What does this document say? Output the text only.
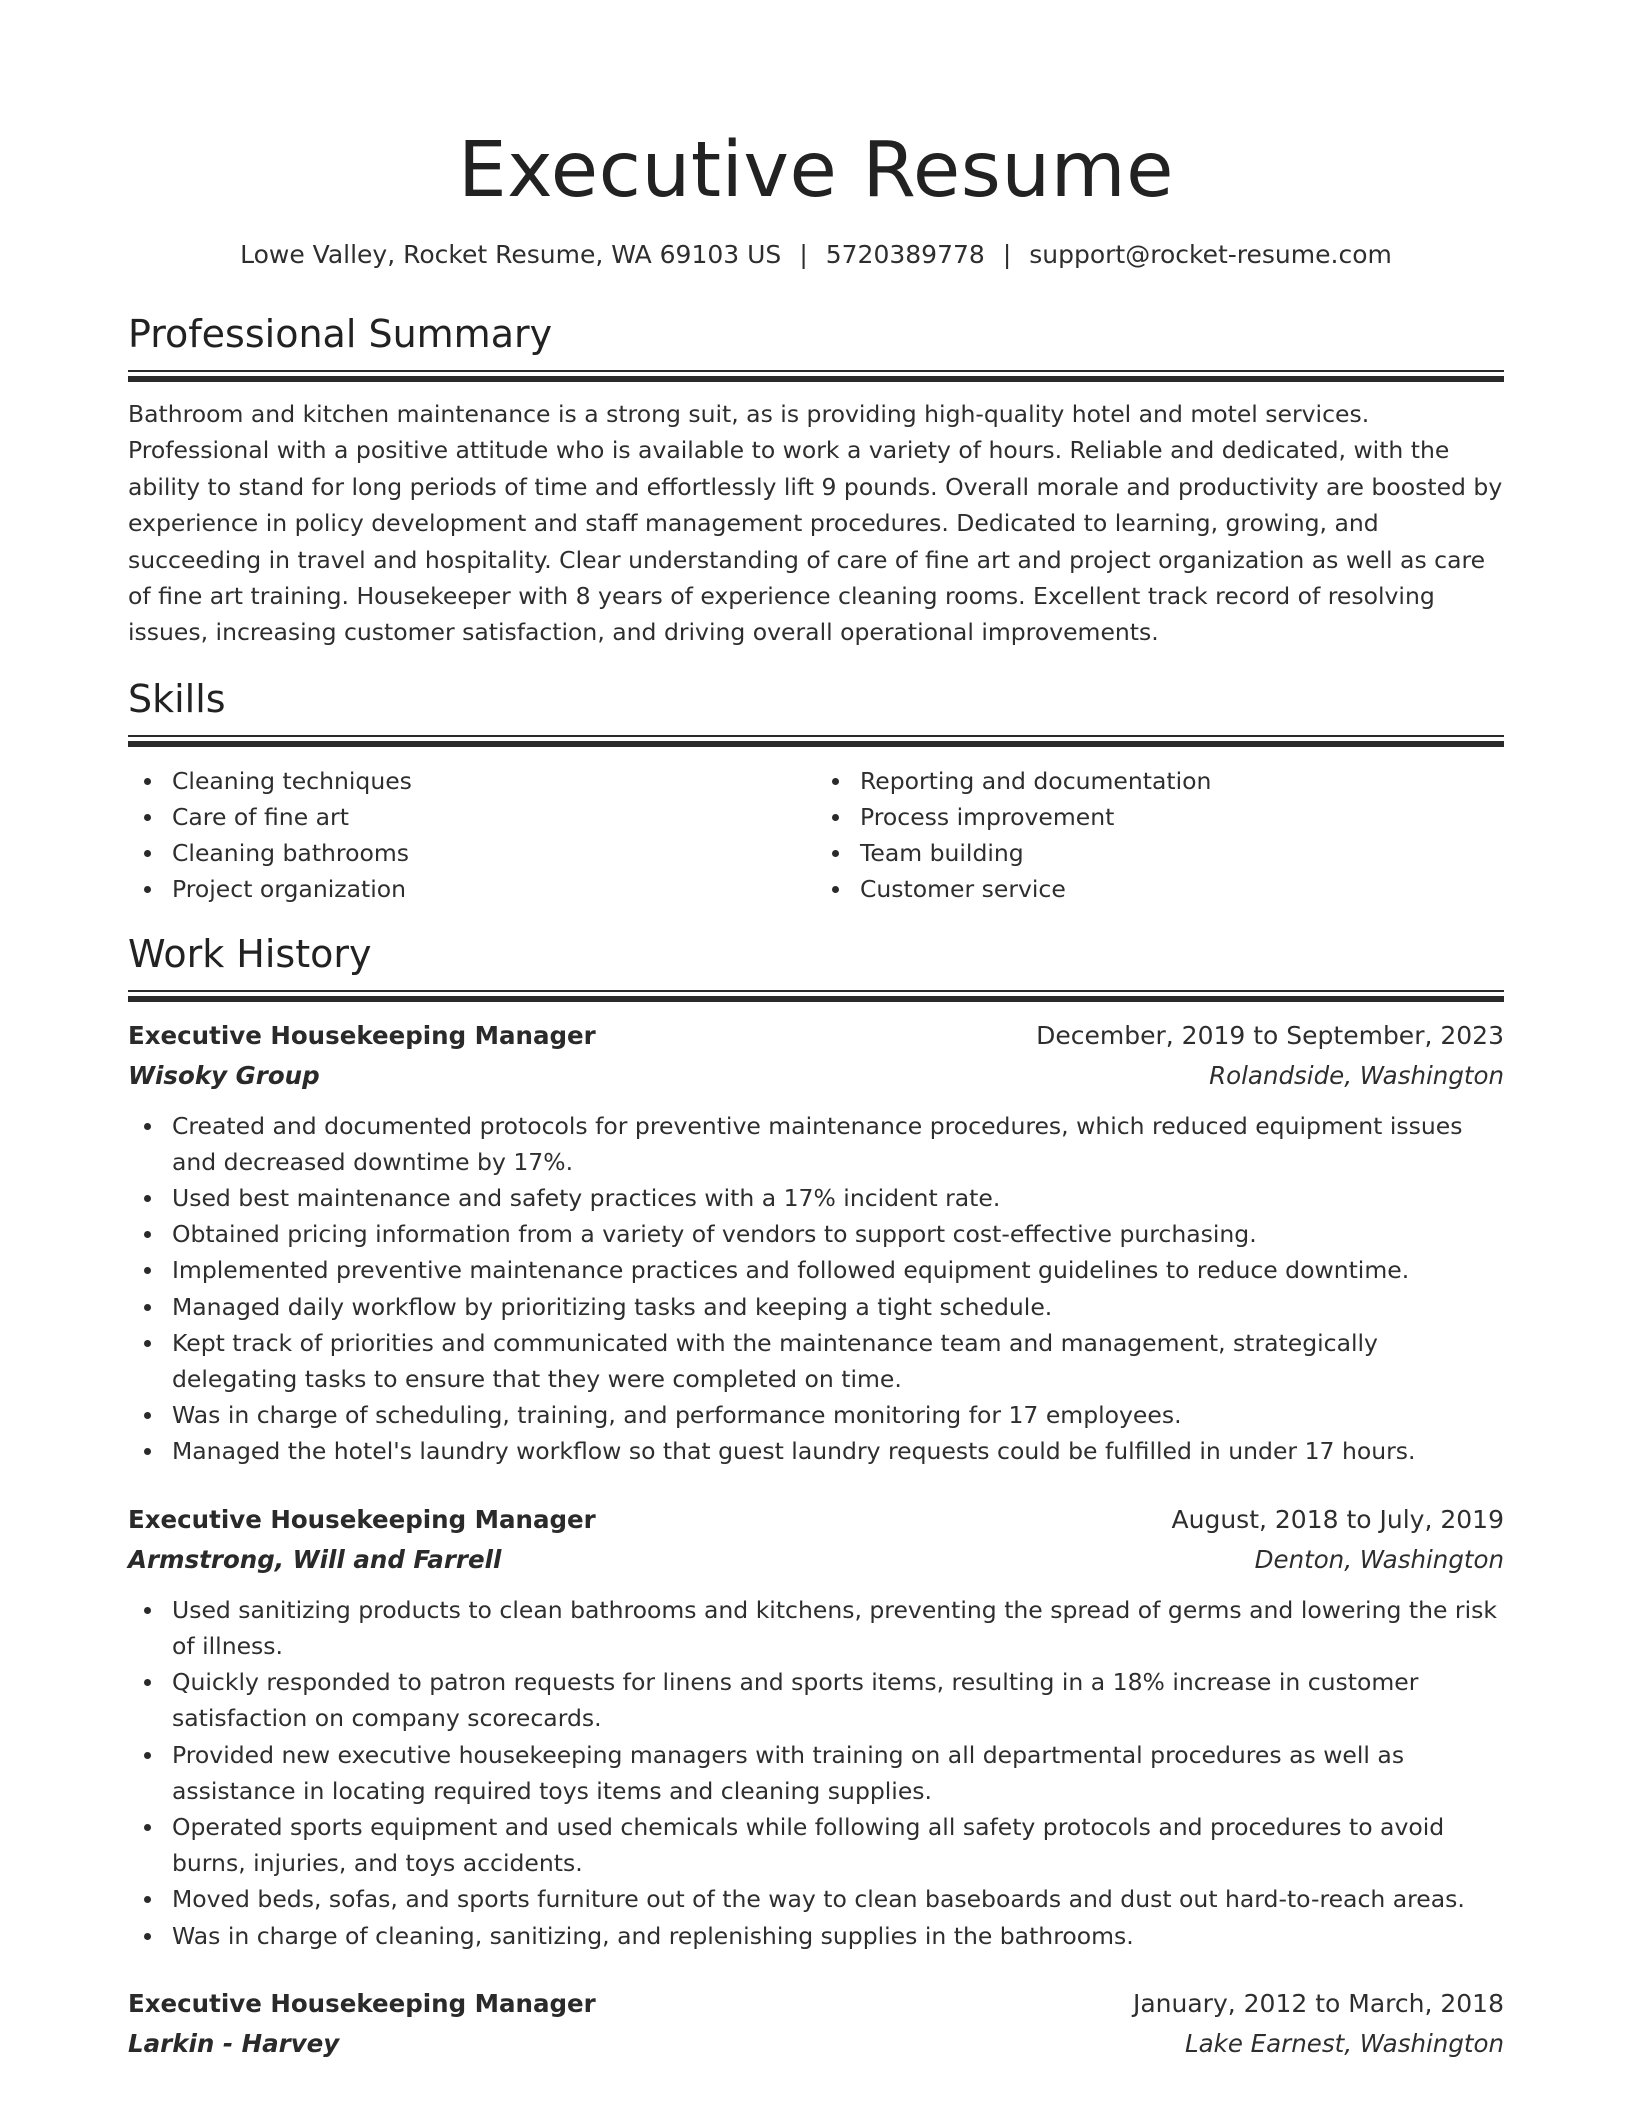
Executive Resume
Lowe Valley, Rocket Resume, WA 69103 US | 5720389778 | support@rocket-resume.com
Professional Summary

Bathroom and kitchen maintenance is a strong suit, as is providing high-quality hotel and motel services. Professional with a positive attitude who is available to work a variety of hours. Reliable and dedicated, with the ability to stand for long periods of time and effortlessly lift 9 pounds. Overall morale and productivity are boosted by experience in policy development and staff management procedures. Dedicated to learning, growing, and succeeding in travel and hospitality. Clear understanding of care of fine art and project organization as well as care of fine art training. Housekeeper with 8 years of experience cleaning rooms. Excellent track record of resolving issues, increasing customer satisfaction, and driving overall operational improvements.

Skills
Cleaning techniques
Care of fine art
Cleaning bathrooms
Project organization
Reporting and documentation
Process improvement
Team building
Customer service
Work History
Executive Housekeeping Manager	December, 2019 to September, 2023
Wisoky Group	Rolandside, Washington
Created and documented protocols for preventive maintenance procedures, which reduced equipment issues and decreased downtime by 17%.
Used best maintenance and safety practices with a 17% incident rate.
Obtained pricing information from a variety of vendors to support cost-effective purchasing.
Implemented preventive maintenance practices and followed equipment guidelines to reduce downtime.
Managed daily workflow by prioritizing tasks and keeping a tight schedule.
Kept track of priorities and communicated with the maintenance team and management, strategically delegating tasks to ensure that they were completed on time.
Was in charge of scheduling, training, and performance monitoring for 17 employees.
Managed the hotel's laundry workflow so that guest laundry requests could be fulfilled in under 17 hours.
Executive Housekeeping Manager	August, 2018 to July, 2019
Armstrong, Will and Farrell	Denton, Washington
Used sanitizing products to clean bathrooms and kitchens, preventing the spread of germs and lowering the risk of illness.
Quickly responded to patron requests for linens and sports items, resulting in a 18% increase in customer satisfaction on company scorecards.
Provided new executive housekeeping managers with training on all departmental procedures as well as assistance in locating required toys items and cleaning supplies.
Operated sports equipment and used chemicals while following all safety protocols and procedures to avoid burns, injuries, and toys accidents.
Moved beds, sofas, and sports furniture out of the way to clean baseboards and dust out hard-to-reach areas.
Was in charge of cleaning, sanitizing, and replenishing supplies in the bathrooms.
Executive Housekeeping Manager	January, 2012 to March, 2018
Larkin - Harvey	Lake Earnest, Washington
